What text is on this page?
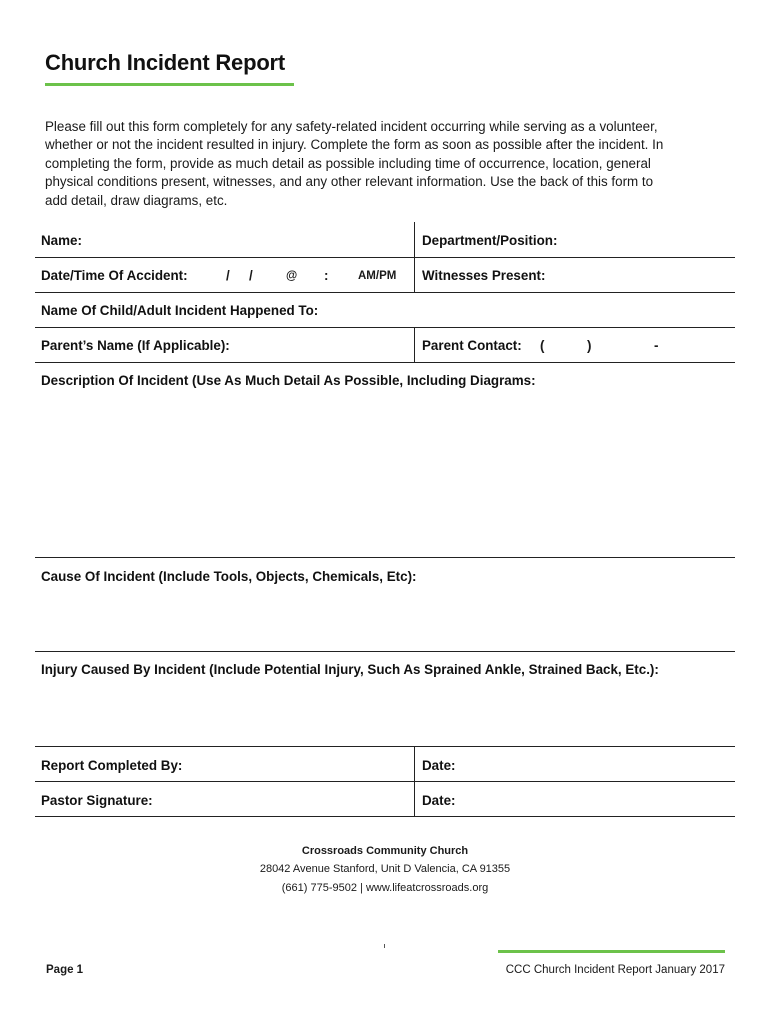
Church Incident Report
Please fill out this form completely for any safety-related incident occurring while serving as a volunteer,
whether or not the incident resulted in injury. Complete the form as soon as possible after the incident. In
completing the form, provide as much detail as possible including time of occurrence, location, general
physical conditions present, witnesses, and any other relevant information. Use the back of this form to
add detail, draw diagrams, etc.
Name:	Department/Position:
Date/Time Of Accident:	/ /	@ :	AM/PM Witnesses Present:
Name Of Child/Adult Incident Happened To:
Parent’s Name (If Applicable):	Parent Contact: (	)	-
Description Of Incident (Use As Much Detail As Possible, Including Diagrams:
Cause Of Incident (Include Tools, Objects, Chemicals, Etc):
Injury Caused By Incident (Include Potential Injury, Such As Sprained Ankle, Strained Back, Etc.):
Report Completed By:	Date:
Pastor Signature:	Date:
Crossroads Community Church
28042 Avenue Stanford, Unit D Valencia, CA 91355
(661) 775-9502 | www.lifeatcrossroads.org
Page 1	CCC Church Incident Report January 2017
